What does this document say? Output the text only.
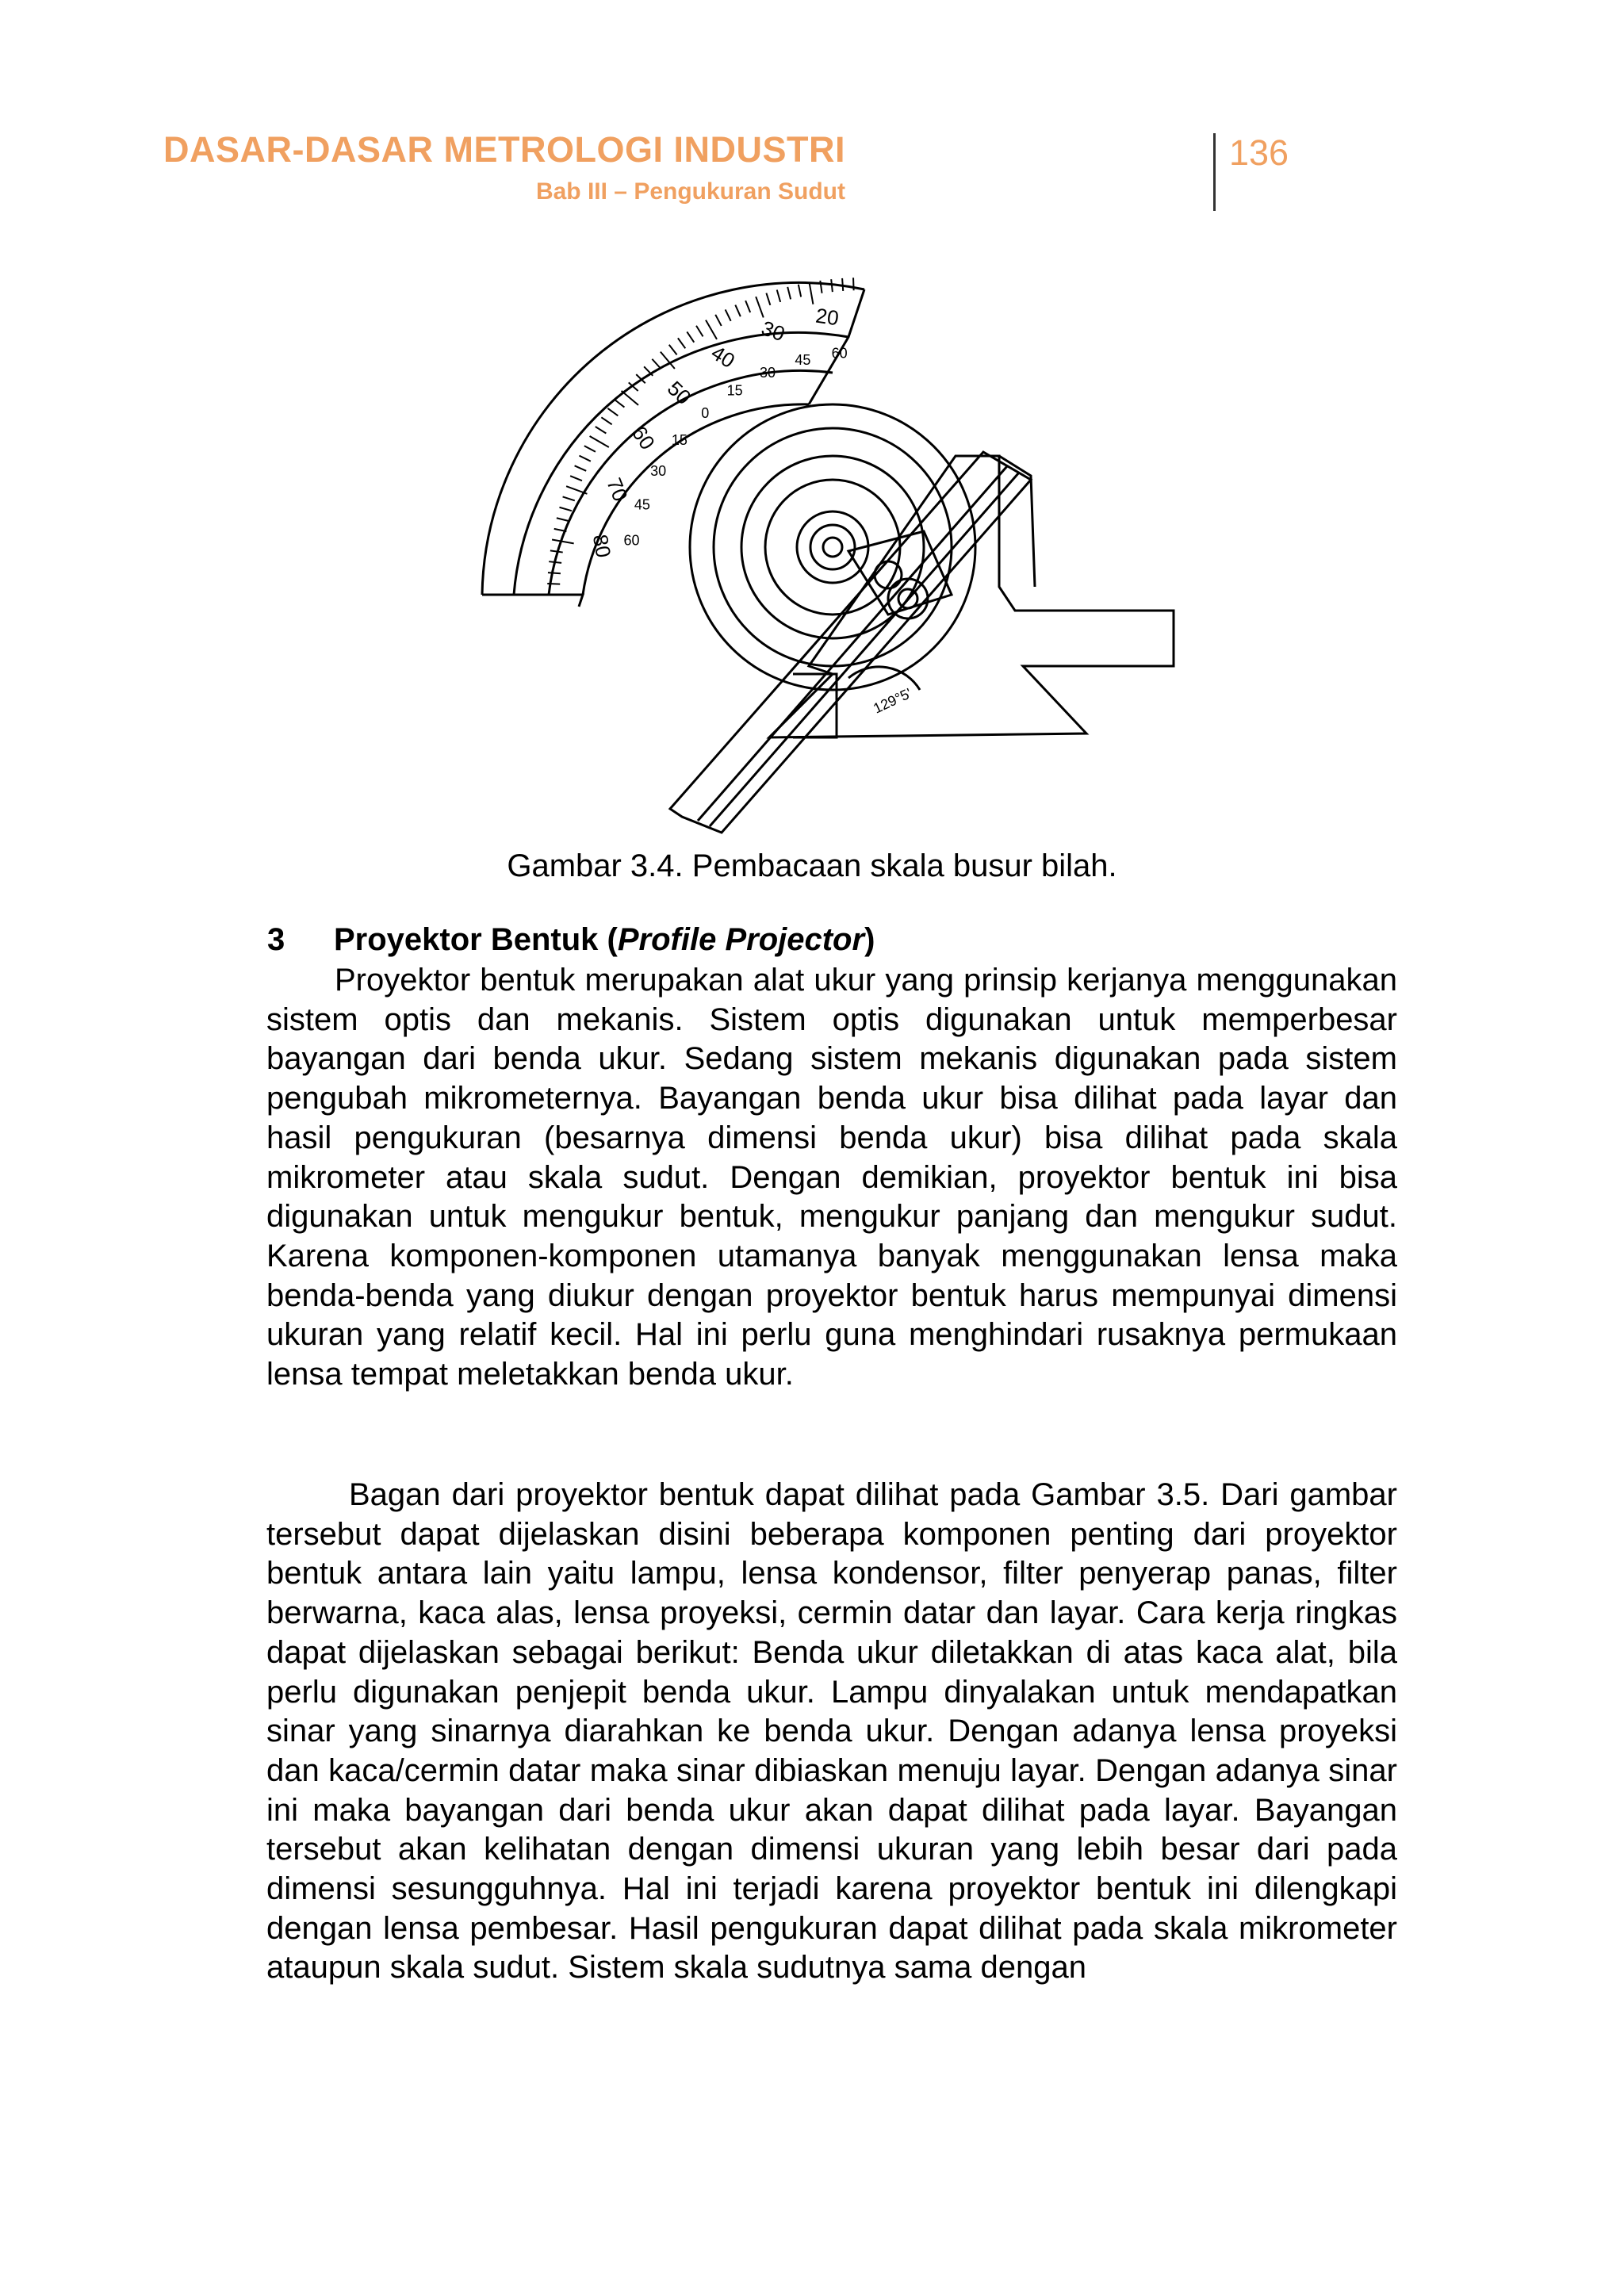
DASAR-DASAR METROLOGI INDUSTRI
Bab III – Pengukuran Sudut
136
80
70
60
50
40
30 20
60
45
30
15
0
15
30
45 60
129°5'
Gambar 3.4. Pembacaan skala busur bilah.
3 Proyektor Bentuk (Profile Projector)

Proyektor bentuk merupakan alat ukur yang prinsip kerjanya menggunakan sistem optis dan mekanis. Sistem optis digunakan untuk memperbesar bayangan dari benda ukur. Sedang sistem mekanis digunakan pada sistem pengubah mikrometernya. Bayangan benda ukur bisa dilihat pada layar dan hasil pengukuran (besarnya dimensi benda ukur) bisa dilihat pada skala mikrometer atau skala sudut. Dengan demikian, proyektor bentuk ini bisa digunakan untuk mengukur bentuk, mengukur panjang dan mengukur sudut. Karena komponen-komponen utamanya banyak menggunakan lensa maka benda-benda yang diukur dengan proyektor bentuk harus mempunyai dimensi ukuran yang relatif kecil. Hal ini perlu guna menghindari rusaknya permukaan lensa tempat meletakkan benda ukur.

Bagan dari proyektor bentuk dapat dilihat pada Gambar 3.5. Dari gambar tersebut dapat dijelaskan disini beberapa komponen penting dari proyektor bentuk antara lain yaitu lampu, lensa kondensor, filter penyerap panas, filter berwarna, kaca alas, lensa proyeksi, cermin datar dan layar. Cara kerja ringkas dapat dijelaskan sebagai berikut: Benda ukur diletakkan di atas kaca alat, bila perlu digunakan penjepit benda ukur. Lampu dinyalakan untuk mendapatkan sinar yang sinarnya diarahkan ke benda ukur. Dengan adanya lensa proyeksi dan kaca/cermin datar maka sinar dibiaskan menuju layar. Dengan adanya sinar ini maka bayangan dari benda ukur akan dapat dilihat pada layar. Bayangan tersebut akan kelihatan dengan dimensi ukuran yang lebih besar dari pada dimensi sesungguhnya. Hal ini terjadi karena proyektor bentuk ini dilengkapi dengan lensa pembesar. Hasil pengukuran dapat dilihat pada skala mikrometer ataupun skala sudut. Sistem skala sudutnya sama dengan
